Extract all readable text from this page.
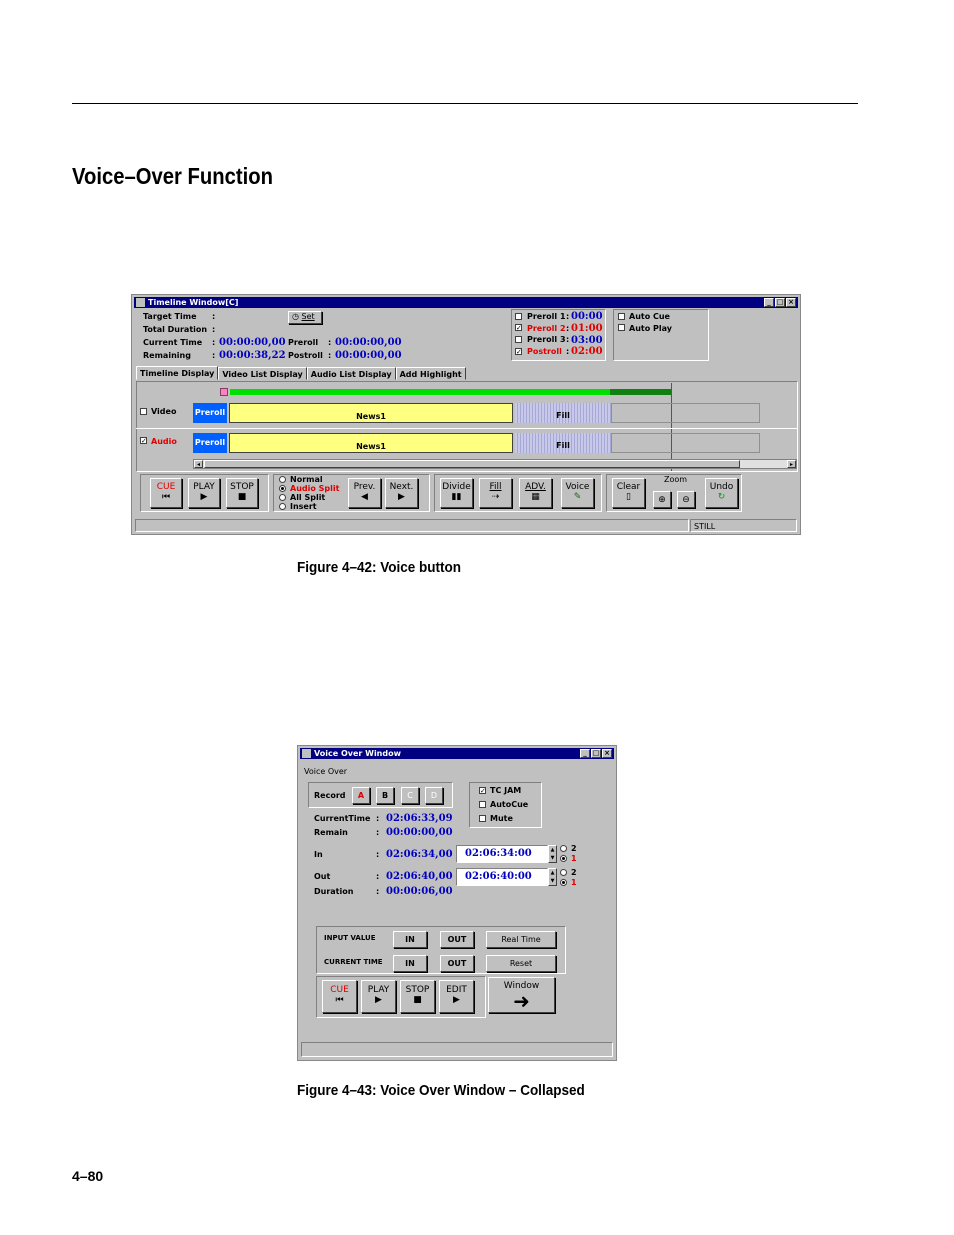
Voice–Over Function
Timeline Window[C]	_ □ ×
Target Time :
Total Duration :
Current Time : 00:00:00,00
Remaining	: 00:00:38,22
◷ Set
Preroll : 00:00:00,00
Postroll : 00:00:00,00
Preroll 1 : 00:00
✓ Preroll 2 : 01:00
Preroll 3 : 03:00
✓ Postroll : 02:00
Auto Cue
Auto Play
Timeline Display	Video List Display	Audio List Display	Add Highlight
Video Preroll	News1	Fill
✓ Audio Preroll	News1	Fill
◂	▸
CUE
⏮
PLAY
▶
STOP
■
Normal
Audio Split
All Split
Insert
Prev.
◀
Next.
▶
Divide
▮▮
Fill
⇢
ADV.
▦
Voice
✎
Clear
▯
Zoom
⊕	⊖
Undo
↻
STILL
Figure 4–42: Voice button
Voice Over Window	_ □ ×
Voice Over
Record	A	B	C	D	✓ TC JAM
AutoCue
Mute
CurrentTime : 02:06:33,09
Remain	: 00:00:00,00
In	: 02:06:34,00 02:06:34:00	▲
▼
2
1
Out	: 02:06:40,00 02:06:40:00	▲
▼
2
1
Duration	: 00:00:06,00
INPUT VALUE	IN	OUT	Real Time
CURRENT TIME	IN	OUT	Reset
CUE
⏮
PLAY
▶
STOP
■
EDIT
▶
Window
➜
Figure 4–43: Voice Over Window – Collapsed
4–80
